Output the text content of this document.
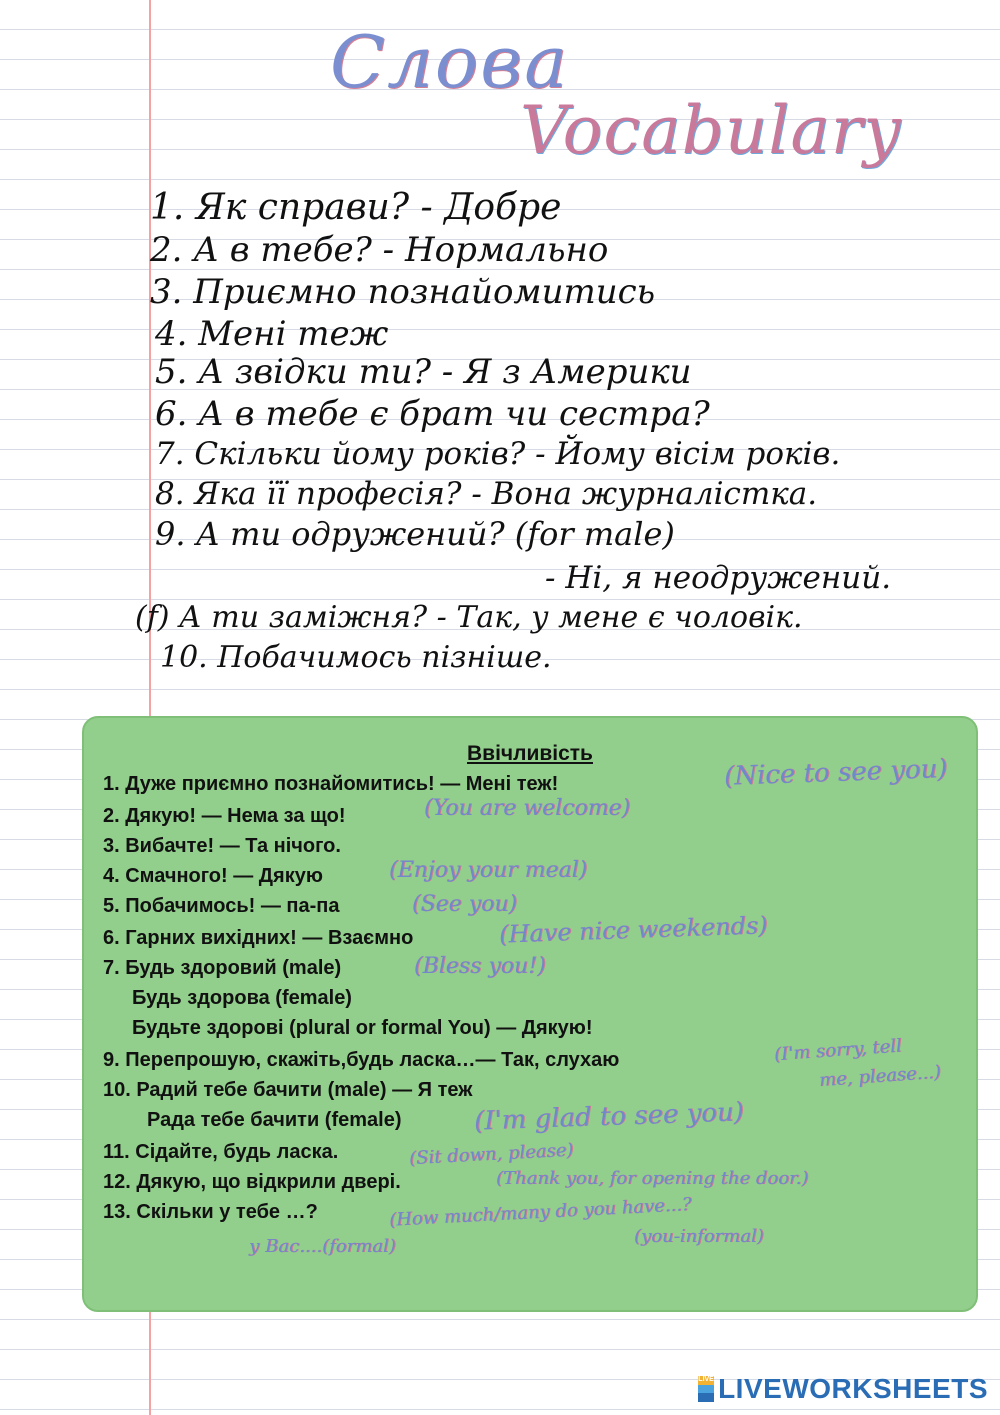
Слова
Vocabulary
1. Як справи? - Добре
2. А в тебе? - Нормально
3. Приємно познайомитись
4. Мені теж
5. А звідки ти? - Я з Америки
6. А в тебе є брат чи сестра?
7. Скільки йому років? - Йому вісім років.
8. Яка її професія? - Вона журналістка.
9. А ти одружений? (for male)
- Ні, я неодружений.
(f) А ти заміжня? - Так, у мене є чоловік.
10. Побачимось пізніше.
Ввічливість
1. Дуже приємно познайомитись! — Мені теж!
2. Дякую! — Нема за що!
3. Вибачте! — Та нічого.
4. Смачного! — Дякую
5. Побачимось! — па-па
6. Гарних вихідних! — Взаємно
7. Будь здоровий (male)
Будь здорова (female)
Будьте здорові (plural or formal You) — Дякую!
9. Перепрошую, скажіть,будь ласка…— Так, слухаю
10. Радий тебе бачити (male) — Я теж
Рада тебе бачити (female)
11. Сідайте, будь ласка.
12. Дякую, що відкрили двері.
13. Скільки у тебе …?
(Nice to see you)
(You are welcome)
(Enjoy your meal)
(See you)
(Have nice weekends)
(Bless you!)
(I'm sorry, tell
me, please...)
(I'm glad to see you)
(Sit down, please)
(Thank you, for opening the door.)
(How much/many do you have...?
(you-informal)
у Вас....(formal)
LIVE LIVEWORKSHEETS
